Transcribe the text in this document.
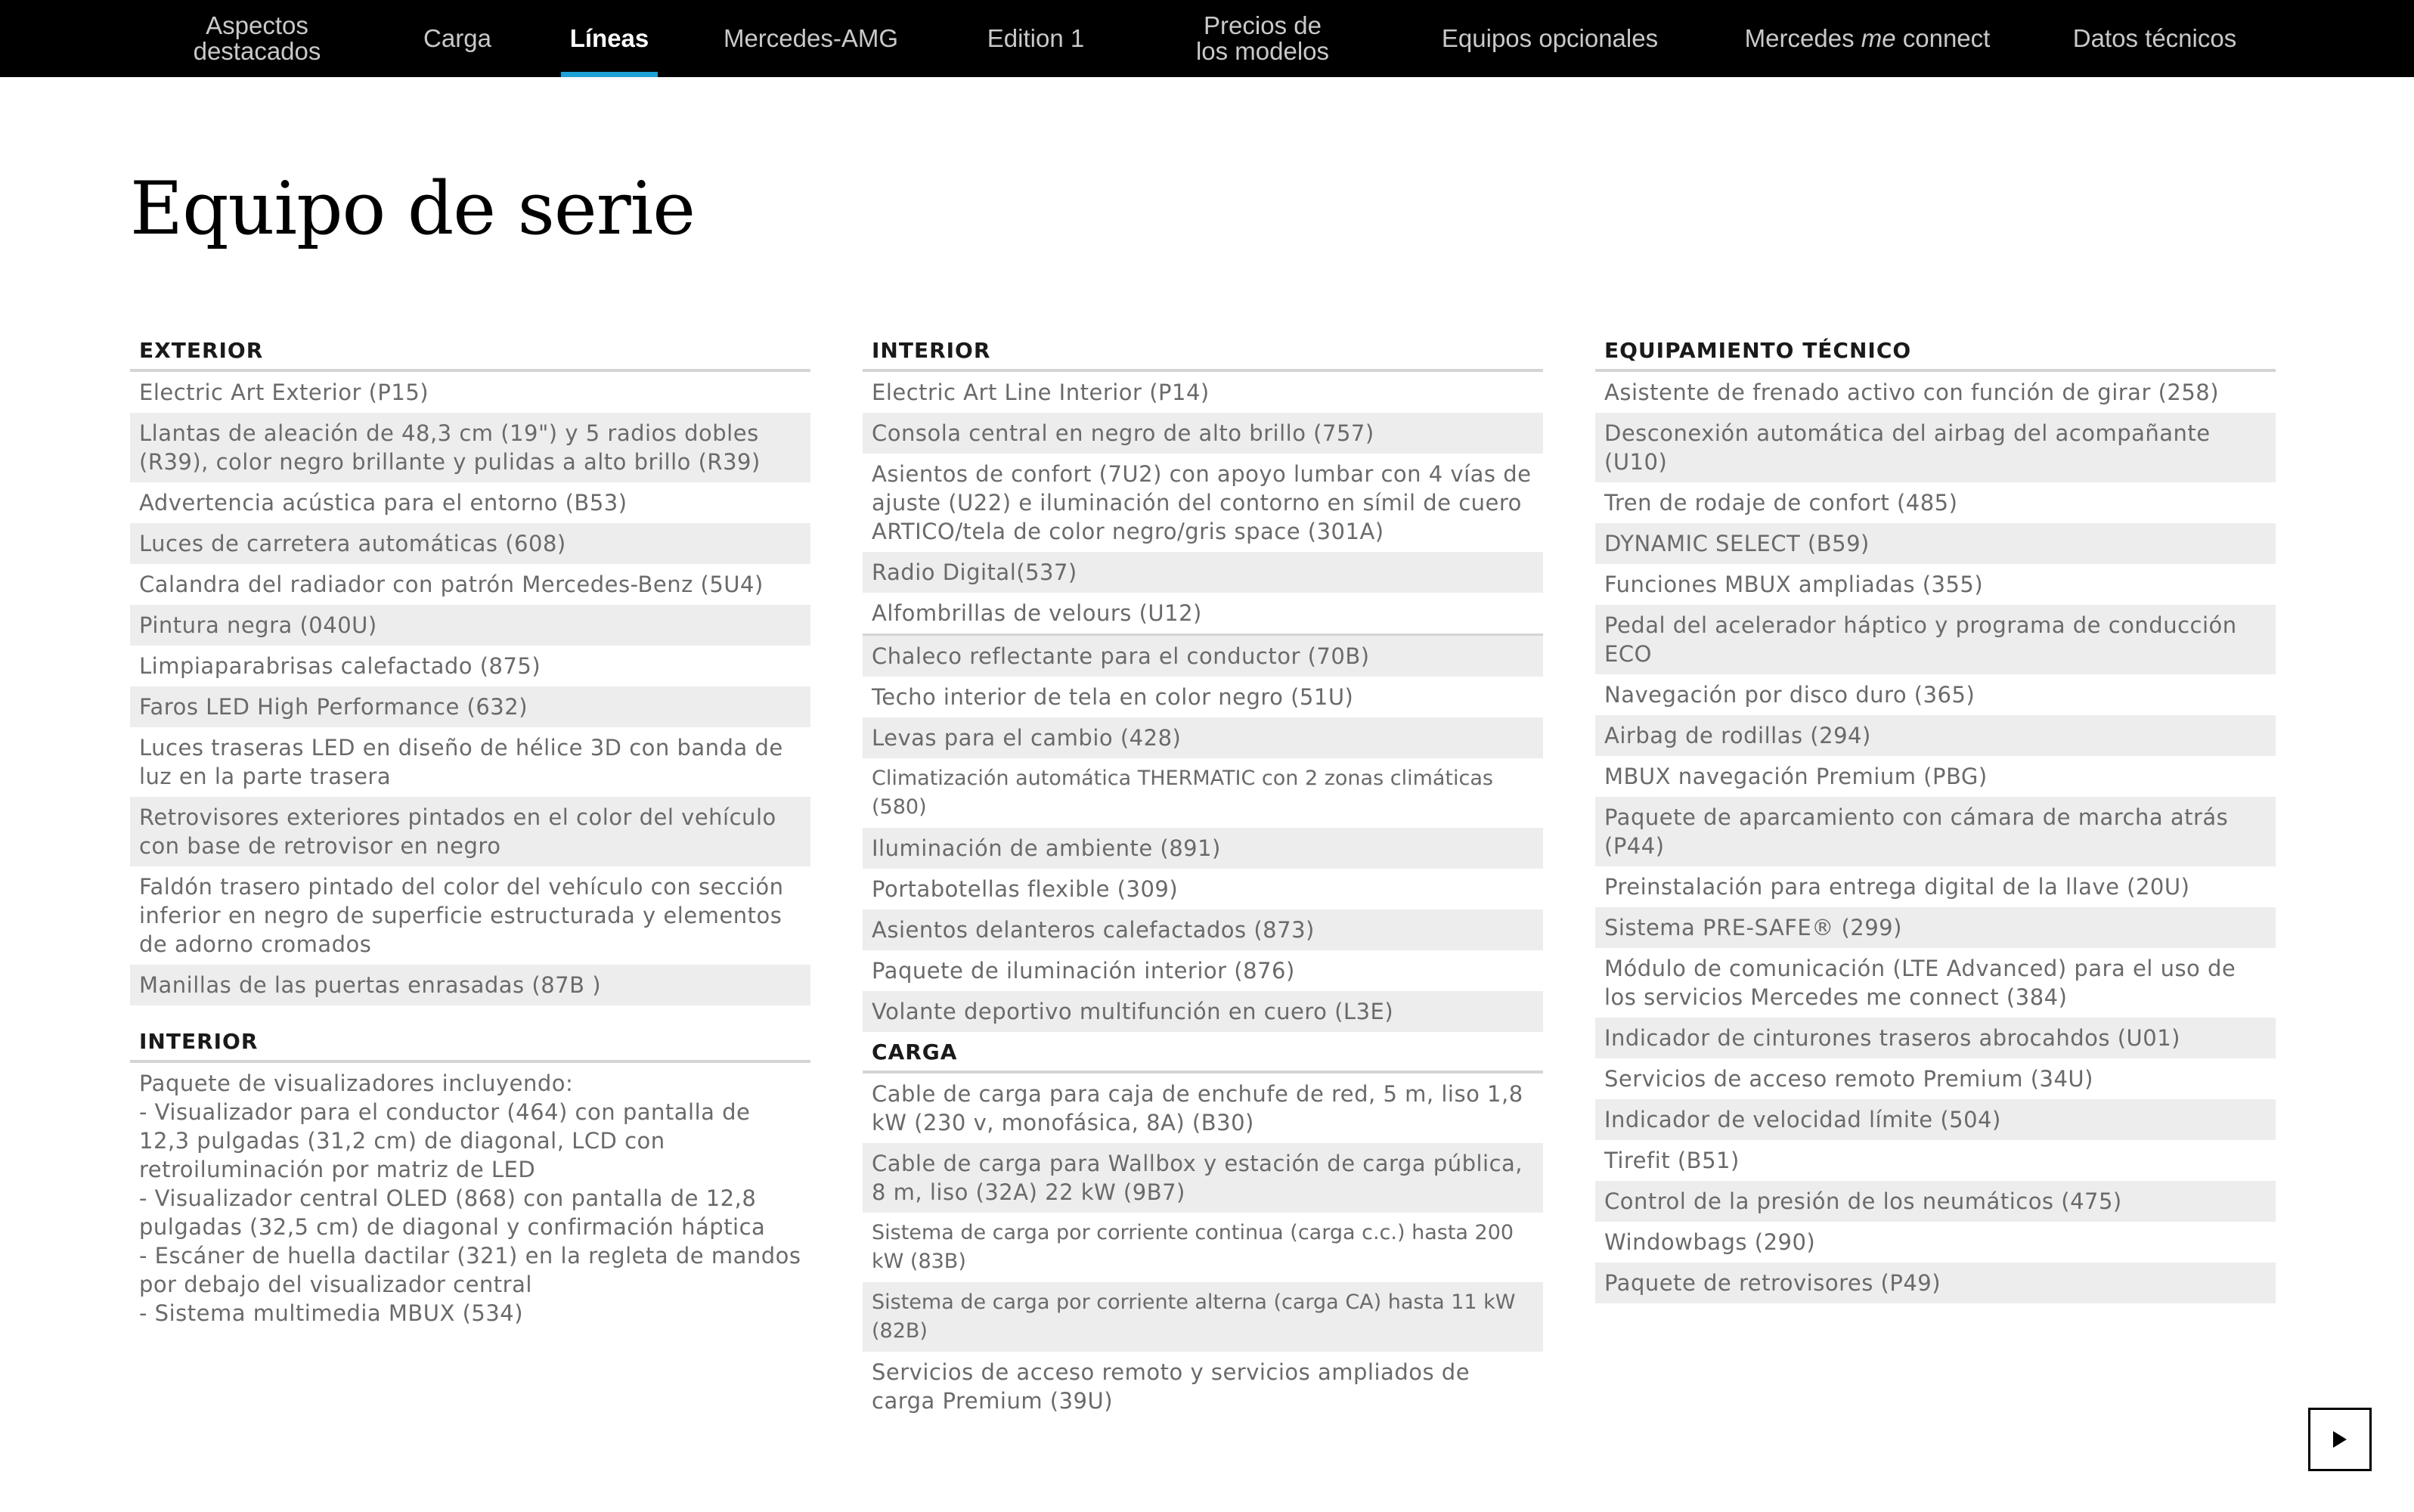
Aspectos
destacados	Carga	Líneas	Mercedes-AMG	Edition 1	Precios de
los modelos	Equipos opcionales	Mercedes me connect	Datos técnicos
Equipo de serie
EXTERIOR
Electric Art Exterior (P15)
Llantas de aleación de 48,3 cm (19") y 5 radios dobles (R39), color negro brillante y pulidas a alto brillo (R39)
Advertencia acústica para el entorno (B53)
Luces de carretera automáticas (608)
Calandra del radiador con patrón Mercedes-Benz (5U4)
Pintura negra (040U)
Limpiaparabrisas calefactado (875)
Faros LED High Performance (632)
Luces traseras LED en diseño de hélice 3D con banda de luz en la parte trasera
Retrovisores exteriores pintados en el color del vehículo con base de retrovisor en negro
Faldón trasero pintado del color del vehículo con sección inferior en negro de superficie estructurada y elementos de adorno cromados
Manillas de las puertas enrasadas (87B )
INTERIOR
Paquete de visualizadores incluyendo:
- Visualizador para el conductor (464) con pantalla de 12,3 pulgadas (31,2 cm) de diagonal, LCD con retroiluminación por matriz de LED
- Visualizador central OLED (868) con pantalla de 12,8 pulgadas (32,5 cm) de diagonal y confirmación háptica
- Escáner de huella dactilar (321) en la regleta de mandos por debajo del visualizador central
- Sistema multimedia MBUX (534)
INTERIOR
Electric Art Line Interior (P14)
Consola central en negro de alto brillo (757)
Asientos de confort (7U2) con apoyo lumbar con 4 vías de ajuste (U22) e iluminación del contorno en símil de cuero ARTICO/tela de color negro/gris space (301A)
Radio Digital(537)
Alfombrillas de velours (U12)
Chaleco reflectante para el conductor (70B)
Techo interior de tela en color negro (51U)
Levas para el cambio (428)
Climatización automática THERMATIC con 2 zonas climáticas (580)
Iluminación de ambiente (891)
Portabotellas flexible (309)
Asientos delanteros calefactados (873)
Paquete de iluminación interior (876)
Volante deportivo multifunción en cuero (L3E)
CARGA
Cable de carga para caja de enchufe de red, 5 m, liso 1,8 kW (230 v, monofásica, 8A) (B30)
Cable de carga para Wallbox y estación de carga pública, 8 m, liso (32A) 22 kW (9B7)
Sistema de carga por corriente continua (carga c.c.) hasta 200 kW (83B)
Sistema de carga por corriente alterna (carga CA) hasta 11 kW (82B)
Servicios de acceso remoto y servicios ampliados de carga Premium (39U)
EQUIPAMIENTO TÉCNICO
Asistente de frenado activo con función de girar (258)
Desconexión automática del airbag del acompañante (U10)
Tren de rodaje de confort (485)
DYNAMIC SELECT (B59)
Funciones MBUX ampliadas (355)
Pedal del acelerador háptico y programa de conducción ECO
Navegación por disco duro (365)
Airbag de rodillas (294)
MBUX navegación Premium (PBG)
Paquete de aparcamiento con cámara de marcha atrás (P44)
Preinstalación para entrega digital de la llave (20U)
Sistema PRE-SAFE® (299)
Módulo de comunicación (LTE Advanced) para el uso de los servicios Mercedes me connect (384)
Indicador de cinturones traseros abrocahdos (U01)
Servicios de acceso remoto Premium (34U)
Indicador de velocidad límite (504)
Tirefit (B51)
Control de la presión de los neumáticos (475)
Windowbags (290)
Paquete de retrovisores (P49)
